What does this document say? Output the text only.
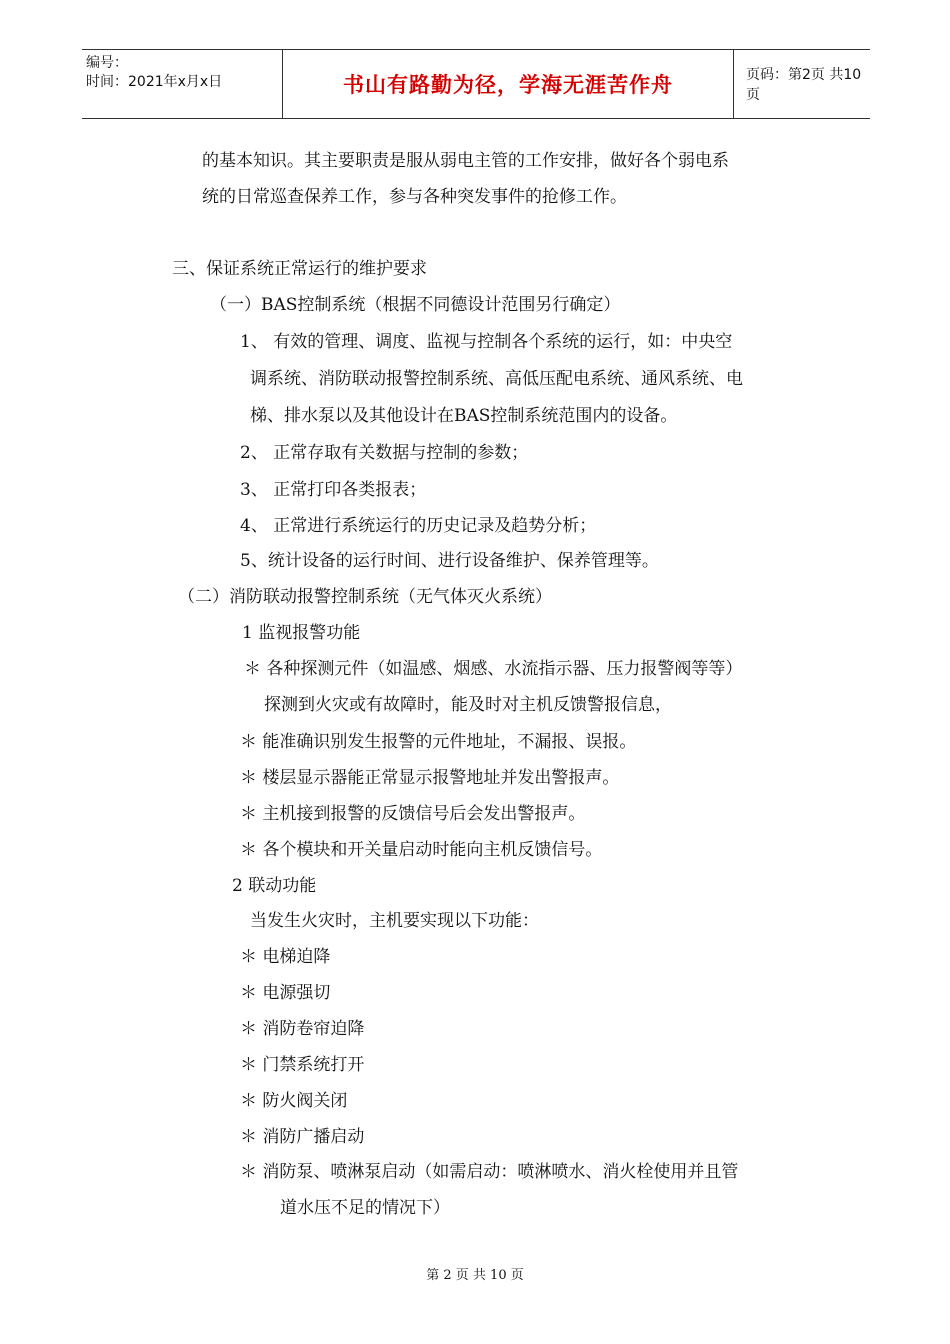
编号：
时间：2021年x月x日	书山有路勤为径，学海无涯苦作舟	页码：第2页 共10页
的基本知识。其主要职责是服从弱电主管的工作安排，做好各个弱电系
统的日常巡查保养工作，参与各种突发事件的抢修工作。
三、保证系统正常运行的维护要求
（一）BAS控制系统（根据不同德设计范围另行确定）
1、 有效的管理、调度、监视与控制各个系统的运行，如：中央空
调系统、消防联动报警控制系统、高低压配电系统、通风系统、电
梯、排水泵以及其他设计在BAS控制系统范围内的设备。
2、 正常存取有关数据与控制的参数；
3、 正常打印各类报表；
4、 正常进行系统运行的历史记录及趋势分析；
5、统计设备的运行时间、进行设备维护、保养管理等。
（二）消防联动报警控制系统（无气体灭火系统）
1 监视报警功能
＊ 各种探测元件（如温感、烟感、水流指示器、压力报警阀等等）
探测到火灾或有故障时，能及时对主机反馈警报信息，
＊ 能准确识别发生报警的元件地址，不漏报、误报。
＊ 楼层显示器能正常显示报警地址并发出警报声。
＊ 主机接到报警的反馈信号后会发出警报声。
＊ 各个模块和开关量启动时能向主机反馈信号。
2 联动功能
当发生火灾时，主机要实现以下功能：
＊ 电梯迫降
＊ 电源强切
＊ 消防卷帘迫降
＊ 门禁系统打开
＊ 防火阀关闭
＊ 消防广播启动
＊ 消防泵、喷淋泵启动（如需启动：喷淋喷水、消火栓使用并且管
道水压不足的情况下）
第 2 页 共 10 页
